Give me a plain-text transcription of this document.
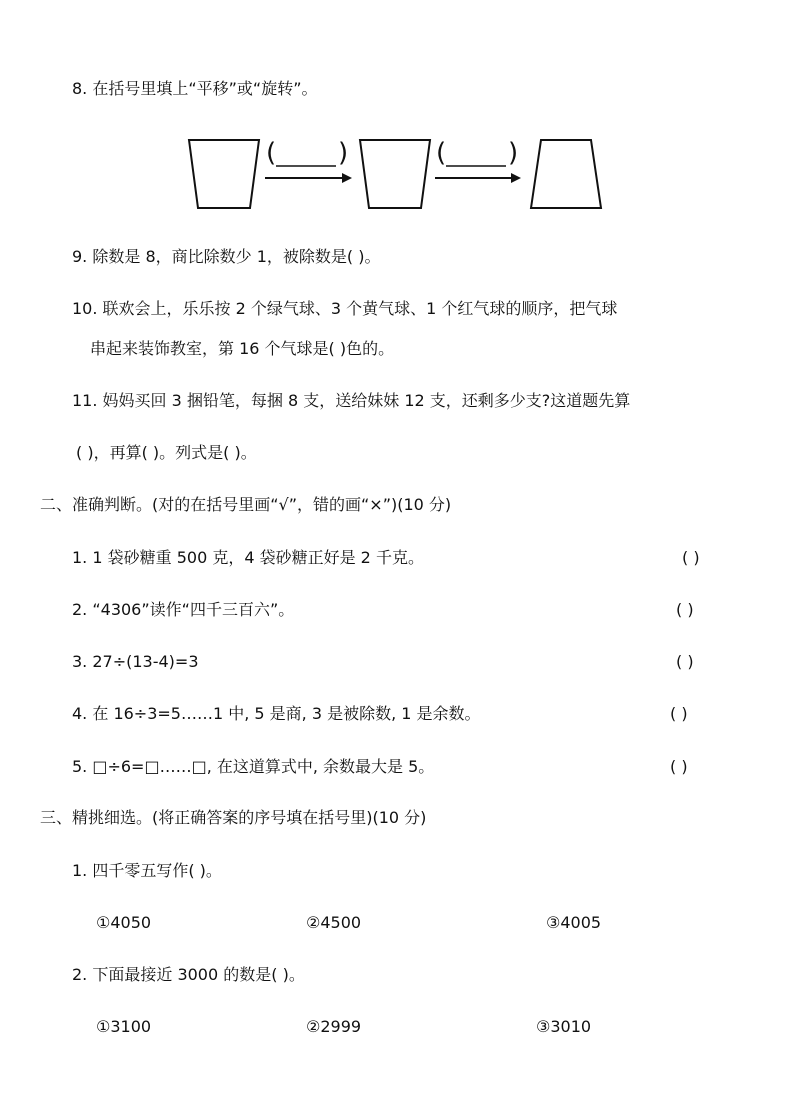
8. 在括号里填上“平移”或“旋转”。
( )	( )
9. 除数是 8，商比除数少 1，被除数是( )。
10. 联欢会上，乐乐按 2 个绿气球、3 个黄气球、1 个红气球的顺序，把气球
串起来装饰教室，第 16 个气球是( )色的。
11. 妈妈买回 3 捆铅笔，每捆 8 支，送给妹妹 12 支，还剩多少支?这道题先算
( )，再算( )。列式是( )。
二、准确判断。(对的在括号里画“√”，错的画“×”)(10 分)
1. 1 袋砂糖重 500 克，4 袋砂糖正好是 2 千克。	( )
2. “4306”读作“四千三百六”。	( )
3. 27÷(13-4)=3	( )
4. 在 16÷3=5……1 中, 5 是商, 3 是被除数, 1 是余数。	( )
5. □÷6=□……□, 在这道算式中, 余数最大是 5。	( )
三、精挑细选。(将正确答案的序号填在括号里)(10 分)
1. 四千零五写作( )。
①4050	②4500	③4005
2. 下面最接近 3000 的数是( )。
①3100	②2999	③3010
